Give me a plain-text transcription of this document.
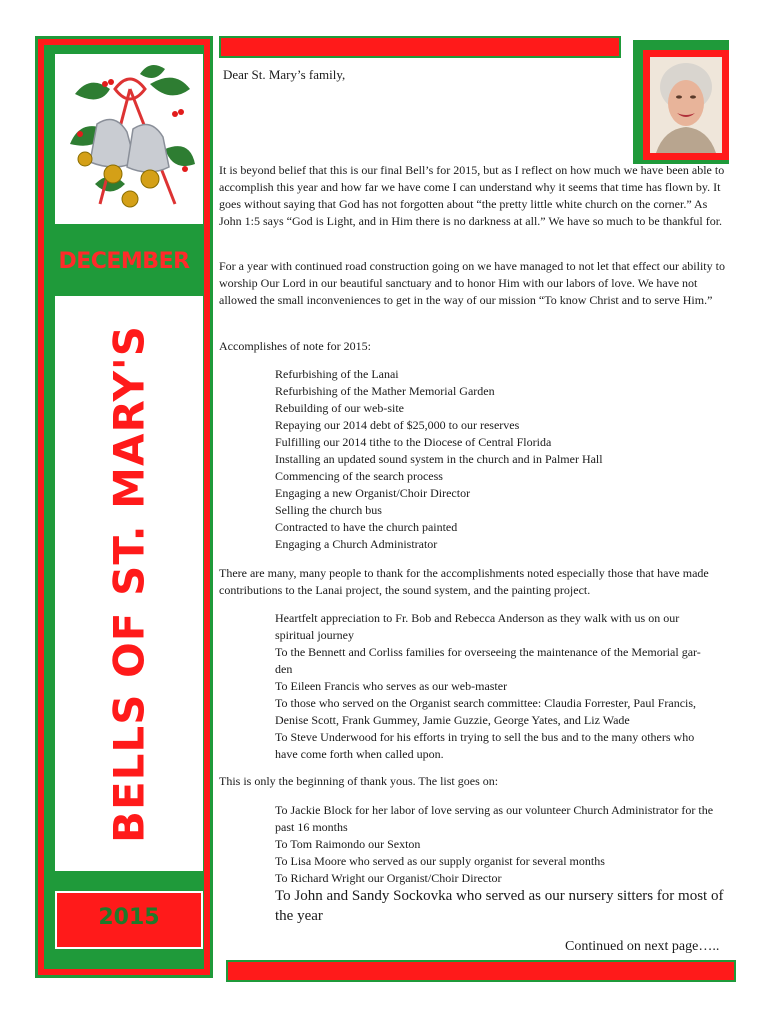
DECEMBER
BELLS OF ST. MARY'S
2015
Dear St. Mary’s family,
It is beyond belief that this is our final Bell’s for 2015, but as I reflect on how much we have been able to accomplish this year and how far we have come I can understand why it seems that time has flown by. It goes without saying that God has not forgotten about “the pretty little white church on the corner.” As John 1:5 says “God is Light, and in Him there is no darkness at all.” We have so much to be thankful for.
For a year with continued road construction going on we have managed to not let that effect our ability to worship Our Lord in our beautiful sanctuary and to honor Him with our labors of love. We have not allowed the small inconveniences to get in the way of our mission “To know Christ and to serve Him.”
Accomplishes of note for 2015:
Refurbishing of the Lanai
Refurbishing of the Mather Memorial Garden
Rebuilding of our web-site
Repaying our 2014 debt of $25,000 to our reserves
Fulfilling our 2014 tithe to the Diocese of Central Florida
Installing an updated sound system in the church and in Palmer Hall
Commencing of the search process
Engaging a new Organist/Choir Director
Selling the church bus
Contracted to have the church painted
Engaging a Church Administrator
There are many, many people to thank for the accomplishments noted especially those that have made contributions to the Lanai project, the sound system, and the painting project.
Heartfelt appreciation to Fr. Bob and Rebecca Anderson as they walk with us on our spiritual journey
To the Bennett and Corliss families for overseeing the maintenance of the Memorial gar-den
To Eileen Francis who serves as our web-master
To those who served on the Organist search committee: Claudia Forrester, Paul Francis, Denise Scott, Frank Gummey, Jamie Guzzie, George Yates, and Liz Wade
To Steve Underwood for his efforts in trying to sell the bus and to the many others who have come forth when called upon.
This is only the beginning of thank yous. The list goes on:
To Jackie Block for her labor of love serving as our volunteer Church Administrator for the past 16 months
To Tom Raimondo our Sexton
To Lisa Moore who served as our supply organist for several months
To Richard Wright our Organist/Choir Director
To John and Sandy Sockovka who served as our nursery sitters for most of the year
Continued on next page…..
